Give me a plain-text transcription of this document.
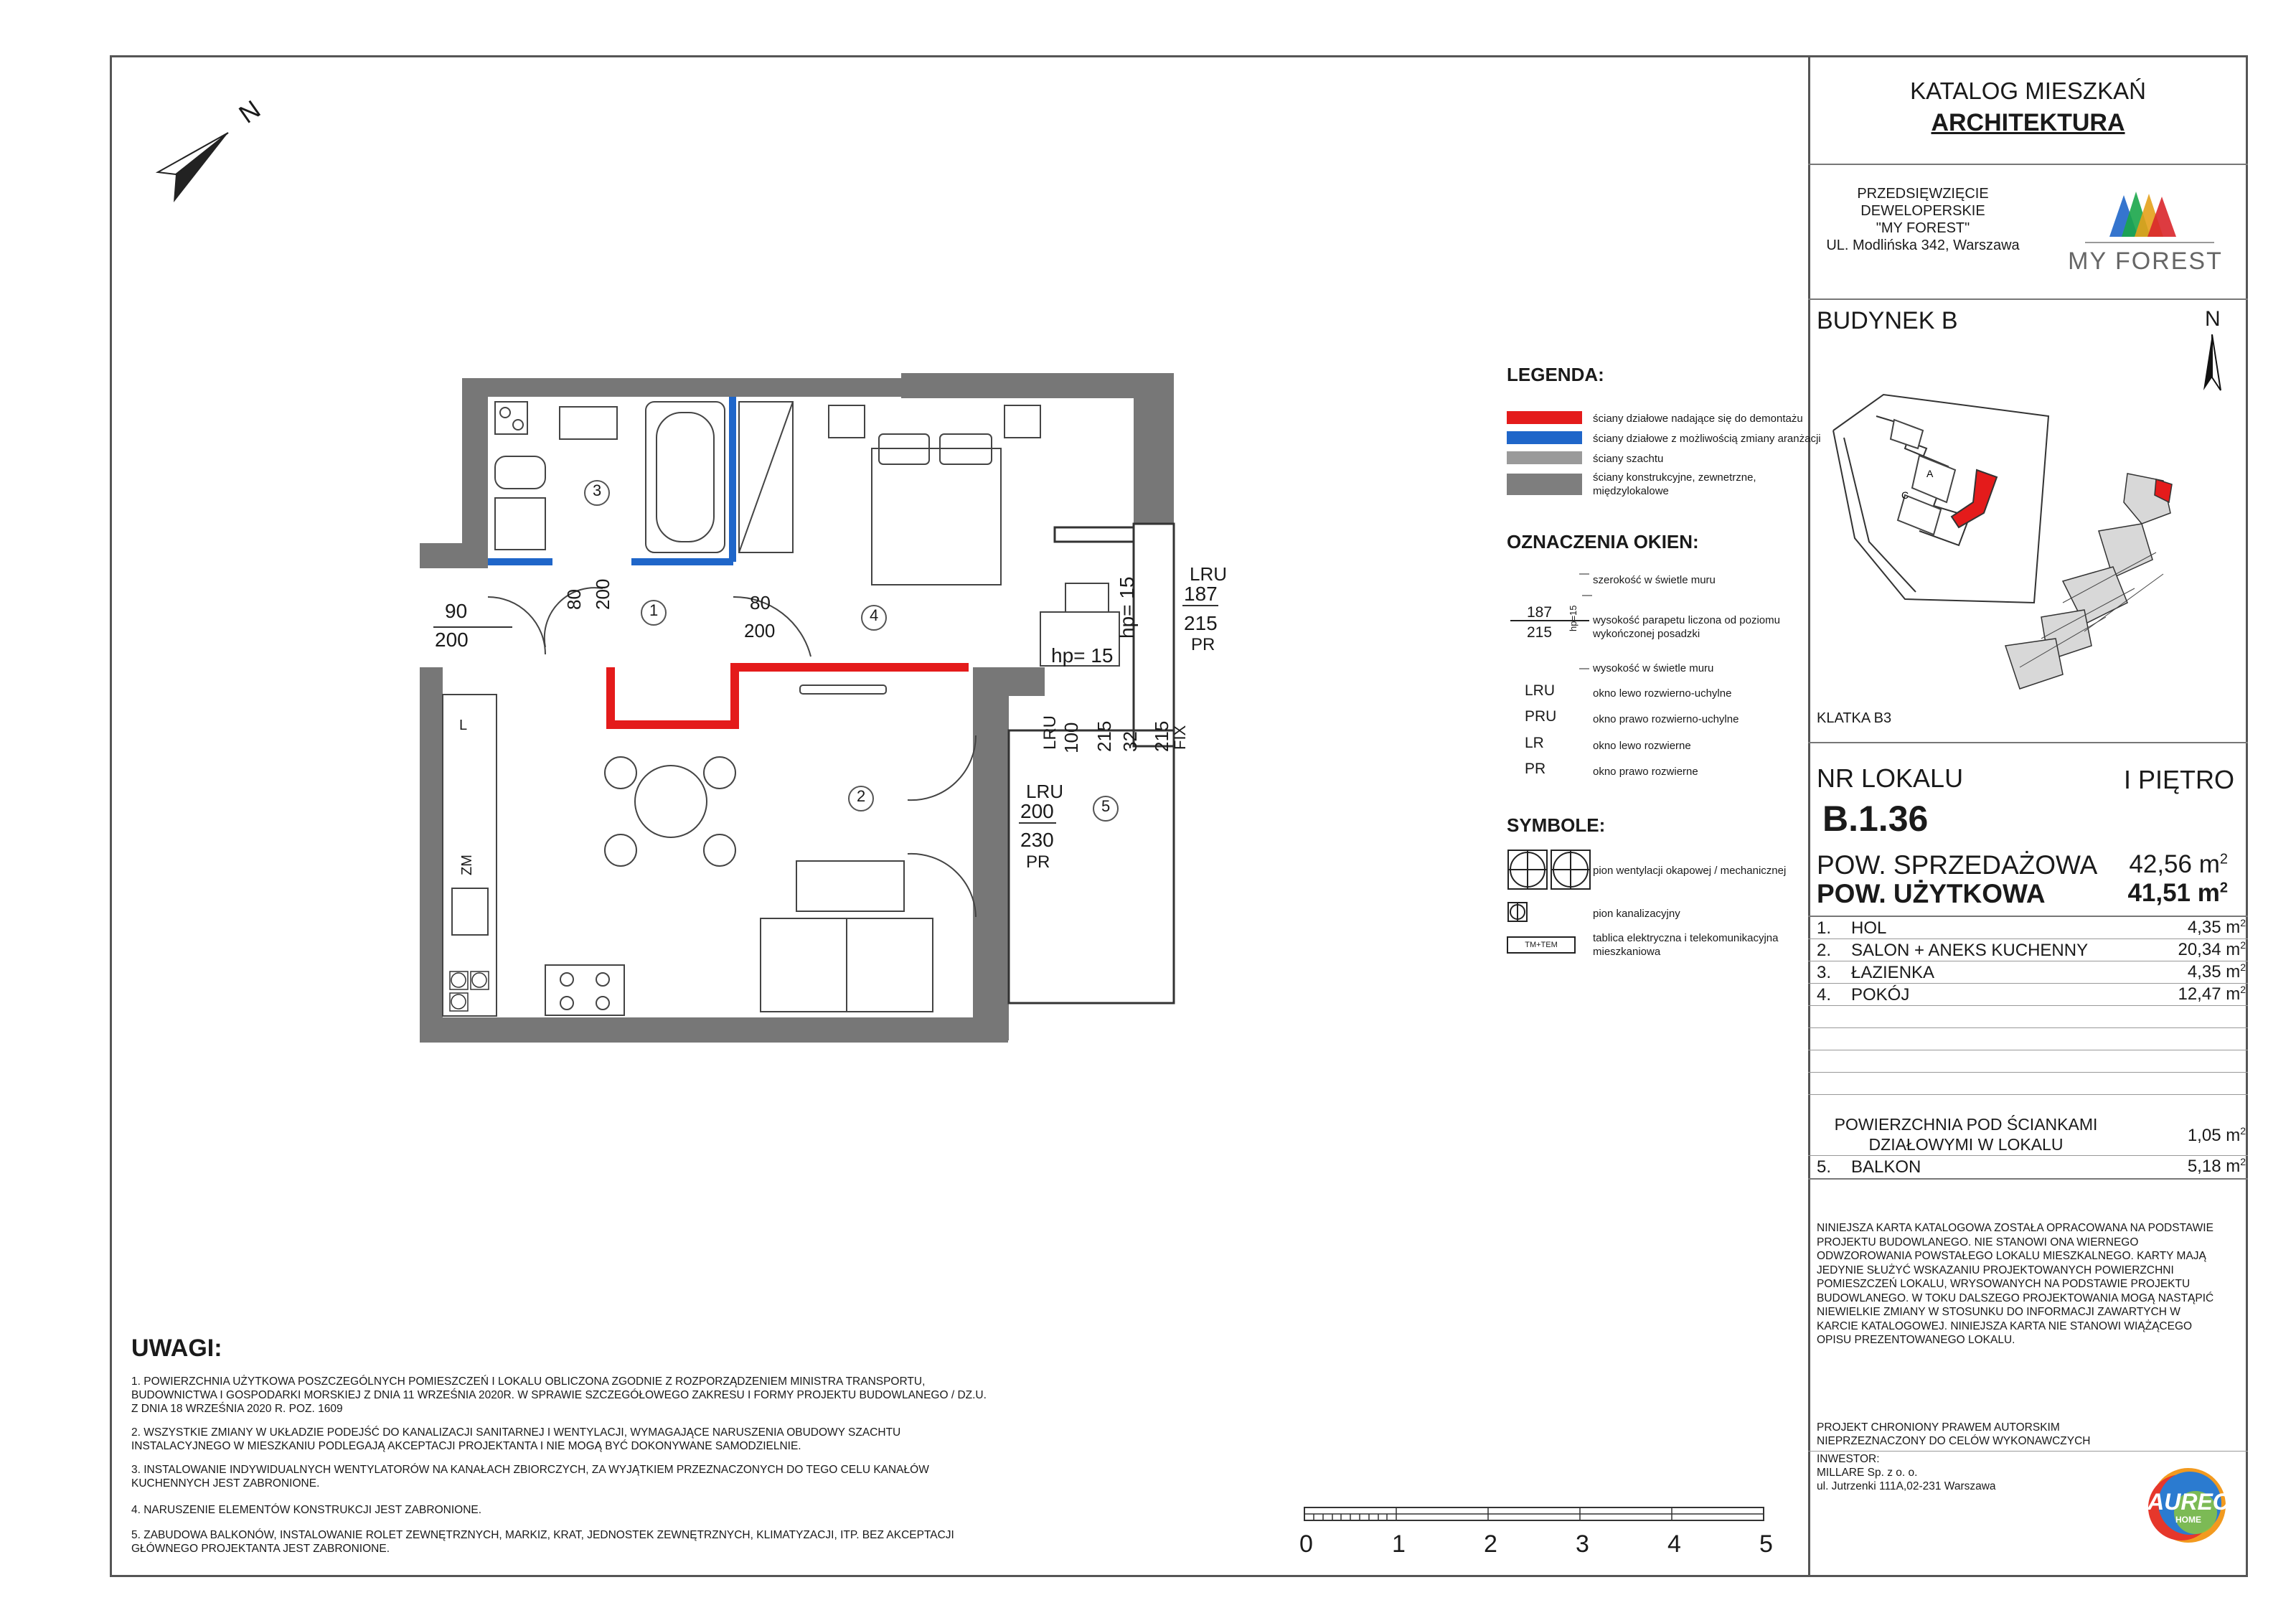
KATALOG MIESZKAŃ
ARCHITEKTURA
PRZEDSIĘWZIĘCIE
DEWELOPERSKIE
"MY FOREST"
UL. Modlińska 342, Warszawa
MY FOREST
BUDYNEK B	N
A
C
KLATKA B3
NR LOKALU	I PIĘTRO
B.1.36
POW. SPRZEDAŻOWA	42,56 $m^2$
POW. UŻYTKOWA	41,51 $m^2$
1. HOL	4,35 $m^2$
2. SALON + ANEKS KUCHENNY	20,34 $m^2$
3. ŁAZIENKA	4,35 $m^2$
4. POKÓJ	12,47 $m^2$
POWIERZCHNIA POD ŚCIANKAMI
DZIAŁOWYMI W LOKALU	1,05 $m^2$
5. BALKON	5,18 $m^2$
NINIEJSZA KARTA KATALOGOWA ZOSTAŁA OPRACOWANA NA PODSTAWIE PROJEKTU BUDOWLANEGO. NIE STANOWI ONA WIERNEGO ODWZOROWANIA POWSTAŁEGO LOKALU MIESZKALNEGO. KARTY MAJĄ JEDYNIE SŁUŻYĆ WSKAZANIU PROJEKTOWANYCH POWIERZCHNI POMIESZCZEŃ LOKALU, WRYSOWANYCH NA PODSTAWIE PROJEKTU BUDOWLANEGO. W TOKU DALSZEGO PROJEKTOWANIA MOGĄ NASTĄPIĆ NIEWIELKIE ZMIANY W STOSUNKU DO INFORMACJI ZAWARTYCH W KARCIE KATALOGOWEJ. NINIEJSZA KARTA NIE STANOWI WIĄŻĄCEGO OPISU PREZENTOWANEGO LOKALU.
PROJEKT CHRONIONY PRAWEM AUTORSKIM
NIEPRZEZNACZONY DO CELÓW WYKONAWCZYCH
INWESTOR:
MILLARE Sp. z o. o.
ul. Jutrzenki 111A,02-231 Warszawa
AUREC
HOME
N
LEGENDA:
ściany działowe nadające się do demontażu
ściany działowe z możliwością zmiany aranżacji
ściany szachtu
ściany konstrukcyjne, zewnetrzne, międzylokalowe
OZNACZENIA OKIEN:
187
215
hp=15
szerokość w świetle muru
wysokość parapetu liczona od poziomu wykończonej posadzki
wysokość w świetle muru
LRU	okno lewo rozwierno-uchylne
PRU	okno prawo rozwierno-uchylne
LR	okno lewo rozwierne
PR	okno prawo rozwierne
SYMBOLE:
pion wentylacji okapowej / mechanicznej
pion kanalizacyjny
TM+TEM
tablica elektryczna i telekomunikacyjna mieszkaniowa
UWAGI:
1. POWIERZCHNIA UŻYTKOWA POSZCZEGÓLNYCH POMIESZCZEŃ I LOKALU OBLICZONA ZGODNIE Z ROZPORZĄDZENIEM MINISTRA TRANSPORTU, BUDOWNICTWA I GOSPODARKI MORSKIEJ Z DNIA 11 WRZEŚNIA 2020R. W SPRAWIE SZCZEGÓŁOWEGO ZAKRESU I FORMY PROJEKTU BUDOWLANEGO / DZ.U. Z DNIA 18 WRZEŚNIA 2020 R. POZ. 1609
2. WSZYSTKIE ZMIANY W UKŁADZIE PODEJŚĆ DO KANALIZACJI SANITARNEJ I WENTYLACJI, WYMAGAJĄCE NARUSZENIA OBUDOWY SZACHTU INSTALACYJNEGO W MIESZKANIU PODLEGAJĄ AKCEPTACJI PROJEKTANTA I NIE MOGĄ BYĆ DOKONYWANE SAMODZIELNIE.
3. INSTALOWANIE INDYWIDUALNYCH WENTYLATORÓW NA KANAŁACH ZBIORCZYCH, ZA WYJĄTKIEM PRZEZNACZONYCH DO TEGO CELU KANAŁÓW KUCHENNYCH JEST ZABRONIONE.
4. NARUSZENIE ELEMENTÓW KONSTRUKCJI JEST ZABRONIONE.
5. ZABUDOWA BALKONÓW, INSTALOWANIE ROLET ZEWNĘTRZNYCH, MARKIZ, KRAT, JEDNOSTEK ZEWNĘTRZNYCH, KLIMATYZACJI, ITP. BEZ AKCEPTACJI GŁÓWNEGO PROJEKTANTA JEST ZABRONIONE.	0	1	2	3	4	5
3
1	4
2
5
90
200
80 200	80
200
LRU
187
215
PR
hp= 15
hp= 15
LRU 100 215 32 215
FIX
LRU
200
230
PR
L
ZM
